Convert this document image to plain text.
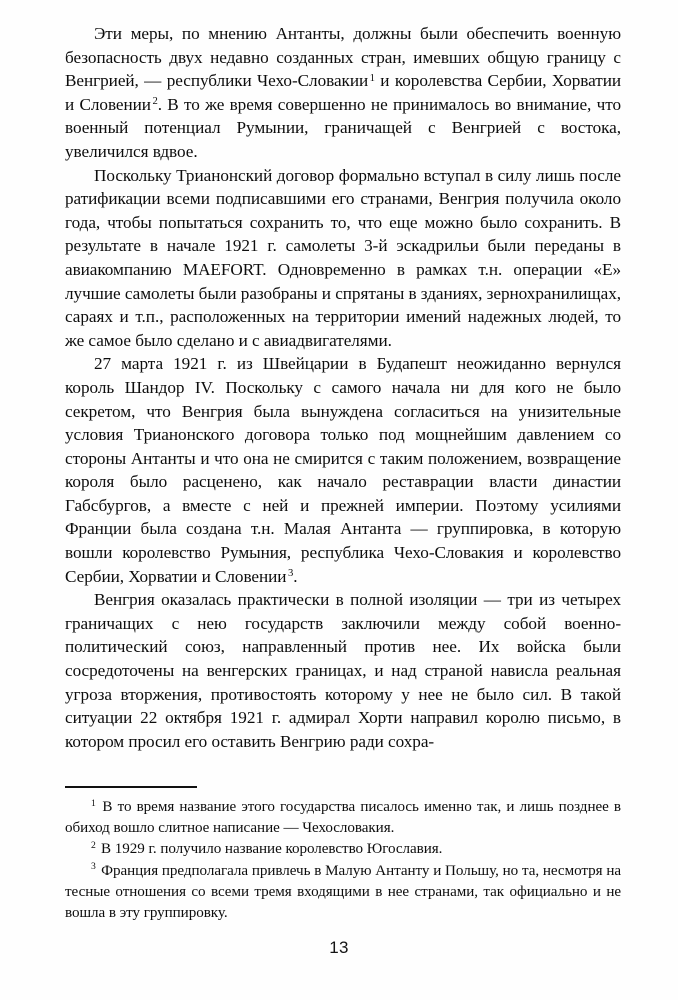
Эти меры, по мнению Антанты, должны были обеспечить военную безопасность двух недавно созданных стран, имевших общую границу с Венгрией, — республики Чехо-Словакии $^1$ и королевства Сербии, Хорватии и Словении $^2$. В то же время совершенно не принималось во внимание, что военный потенциал Румынии, граничащей с Венгрией с востока, увеличился вдвое.

Поскольку Трианонский договор формально вступал в силу лишь после ратификации всеми подписавшими его странами, Венгрия получила около года, чтобы попытаться сохранить то, что еще можно было сохранить. В результате в начале 1921 г. самолеты 3-й эскадрильи были переданы в авиакомпанию MAEFORT. Одновременно в рамках т.н. операции «Е» лучшие самолеты были разобраны и спрятаны в зданиях, зернохранилищах, сараях и т.п., расположенных на территории имений надежных людей, то же самое было сделано и с авиадвигателями.

27 марта 1921 г. из Швейцарии в Будапешт неожиданно вернулся король Шандор IV. Поскольку с самого начала ни для кого не было секретом, что Венгрия была вынуждена согласиться на унизительные условия Трианонского договора только под мощнейшим давлением со стороны Антанты и что она не смирится с таким положением, возвращение короля было расценено, как начало реставрации власти династии Габсбургов, а вместе с ней и прежней империи. Поэтому усилиями Франции была создана т.н. Малая Антанта — группировка, в которую вошли королевство Румыния, республика Чехо-Словакия и королевство Сербии, Хорватии и Словении $^3$.

Венгрия оказалась практически в полной изоляции — три из четырех граничащих с нею государств заключили между собой военно-политический союз, направленный против нее. Их войска были сосредоточены на венгерских границах, и над страной нависла реальная угроза вторжения, противостоять которому у нее не было сил. В такой ситуации 22 октября 1921 г. адмирал Хорти направил королю письмо, в котором просил его оставить Венгрию ради сохра-

$^1$ В то время название этого государства писалось именно так, и лишь позднее в обиход вошло слитное написание — Чехословакия.

$^2$ В 1929 г. получило название королевство Югославия.

$^3$ Франция предполагала привлечь в Малую Антанту и Польшу, но та, несмотря на тесные отношения со всеми тремя входящими в нее странами, так официально и не вошла в эту группировку.

13
